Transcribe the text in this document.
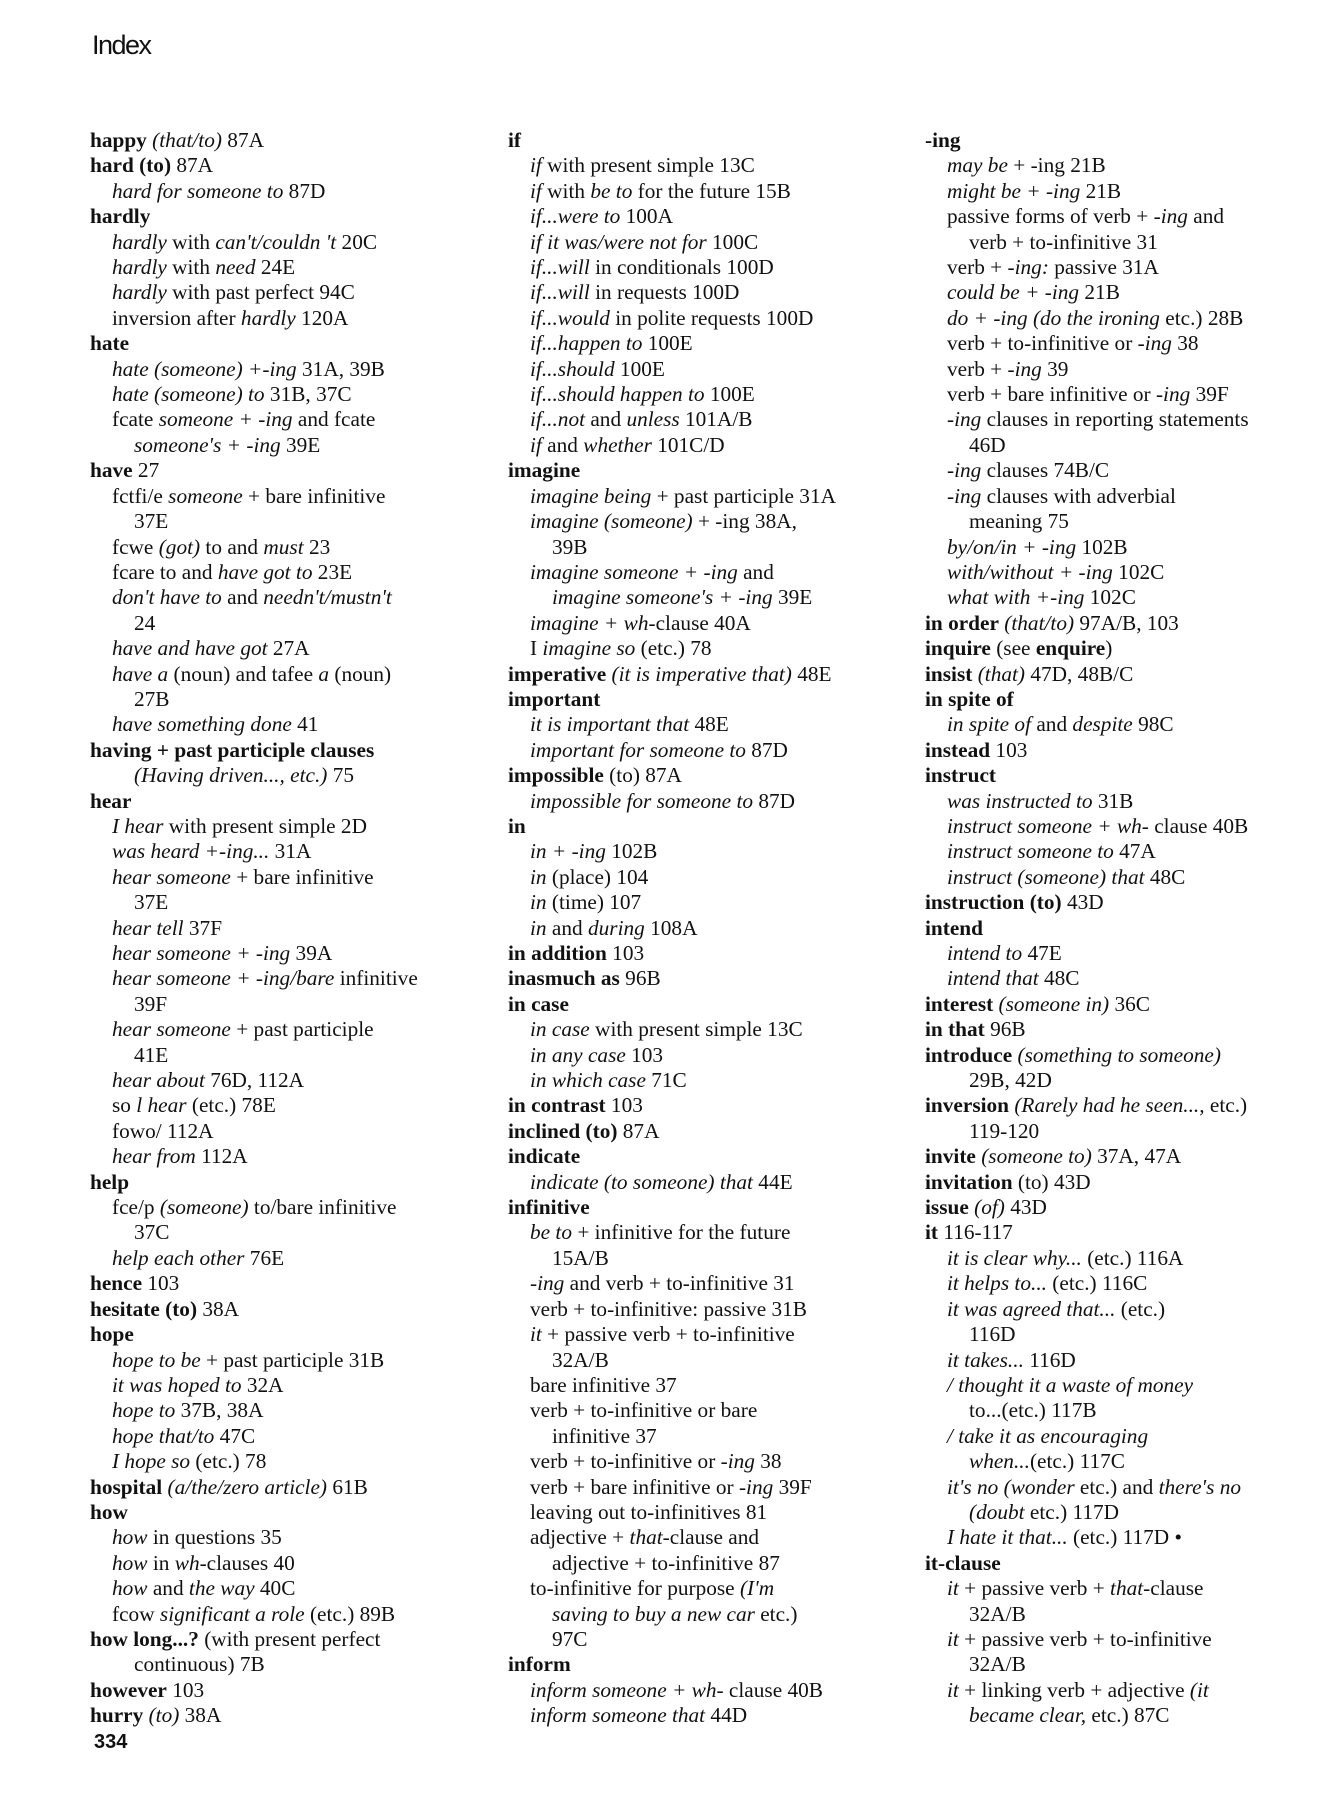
Index
happy (that/to) 87A
hard (to) 87A
hard for someone to 87D
hardly
hardly with can't/couldn 't 20C
hardly with need 24E
hardly with past perfect 94C
inversion after hardly 120A
hate
hate (someone) +-ing 31A, 39B
hate (someone) to 31B, 37C
fcate someone + -ing and fcate
someone's + -ing 39E
have 27
fctfi/e someone + bare infinitive
37E
fcwe (got) to and must 23
fcare to and have got to 23E
don't have to and needn't/mustn't
24
have and have got 27A
have a (noun) and tafee a (noun)
27B
have something done 41
having + past participle clauses
(Having driven..., etc.) 75
hear
I hear with present simple 2D
was heard +-ing... 31A
hear someone + bare infinitive
37E
hear tell 37F
hear someone + -ing 39A
hear someone + -ing/bare infinitive
39F
hear someone + past participle
41E
hear about 76D, 112A
so l hear (etc.) 78E
fowo/ 112A
hear from 112A
help
fce/p (someone) to/bare infinitive
37C
help each other 76E
hence 103
hesitate (to) 38A
hope
hope to be + past participle 31B
it was hoped to 32A
hope to 37B, 38A
hope that/to 47C
I hope so (etc.) 78
hospital (a/the/zero article) 61B
how
how in questions 35
how in wh-clauses 40
how and the way 40C
fcow significant a role (etc.) 89B
how long...? (with present perfect
continuous) 7B
however 103
hurry (to) 38A
if
if with present simple 13C
if with be to for the future 15B
if...were to 100A
if it was/were not for 100C
if...will in conditionals 100D
if...will in requests 100D
if...would in polite requests 100D
if...happen to 100E
if...should 100E
if...should happen to 100E
if...not and unless 101A/B
if and whether 101C/D
imagine
imagine being + past participle 31A
imagine (someone) + -ing 38A,
39B
imagine someone + -ing and
imagine someone's + -ing 39E
imagine + wh-clause 40A
I imagine so (etc.) 78
imperative (it is imperative that) 48E
important
it is important that 48E
important for someone to 87D
impossible (to) 87A
impossible for someone to 87D
in
in + -ing 102B
in (place) 104
in (time) 107
in and during 108A
in addition 103
inasmuch as 96B
in case
in case with present simple 13C
in any case 103
in which case 71C
in contrast 103
inclined (to) 87A
indicate
indicate (to someone) that 44E
infinitive
be to + infinitive for the future
15A/B
-ing and verb + to-infinitive 31
verb + to-infinitive: passive 31B
it + passive verb + to-infinitive
32A/B
bare infinitive 37
verb + to-infinitive or bare
infinitive 37
verb + to-infinitive or -ing 38
verb + bare infinitive or -ing 39F
leaving out to-infinitives 81
adjective + that-clause and
adjective + to-infinitive 87
to-infinitive for purpose (I'm
saving to buy a new car etc.)
97C
inform
inform someone + wh- clause 40B
inform someone that 44D
-ing
may be + -ing 21B
might be + -ing 21B
passive forms of verb + -ing and
verb + to-infinitive 31
verb + -ing: passive 31A
could be + -ing 21B
do + -ing (do the ironing etc.) 28B
verb + to-infinitive or -ing 38
verb + -ing 39
verb + bare infinitive or -ing 39F
-ing clauses in reporting statements
46D
-ing clauses 74B/C
-ing clauses with adverbial
meaning 75
by/on/in + -ing 102B
with/without + -ing 102C
what with +-ing 102C
in order (that/to) 97A/B, 103
inquire (see enquire)
insist (that) 47D, 48B/C
in spite of
in spite of and despite 98C
instead 103
instruct
was instructed to 31B
instruct someone + wh- clause 40B
instruct someone to 47A
instruct (someone) that 48C
instruction (to) 43D
intend
intend to 47E
intend that 48C
interest (someone in) 36C
in that 96B
introduce (something to someone)
29B, 42D
inversion (Rarely had he seen..., etc.)
119-120
invite (someone to) 37A, 47A
invitation (to) 43D
issue (of) 43D
it 116-117
it is clear why... (etc.) 116A
it helps to... (etc.) 116C
it was agreed that... (etc.)
116D
it takes... 116D
/ thought it a waste of money
to...(etc.) 117B
/ take it as encouraging
when...(etc.) 117C
it's no (wonder etc.) and there's no
(doubt etc.) 117D
I hate it that... (etc.) 117D •
it-clause
it + passive verb + that-clause
32A/B
it + passive verb + to-infinitive
32A/B
it + linking verb + adjective (it
became clear, etc.) 87C
334
